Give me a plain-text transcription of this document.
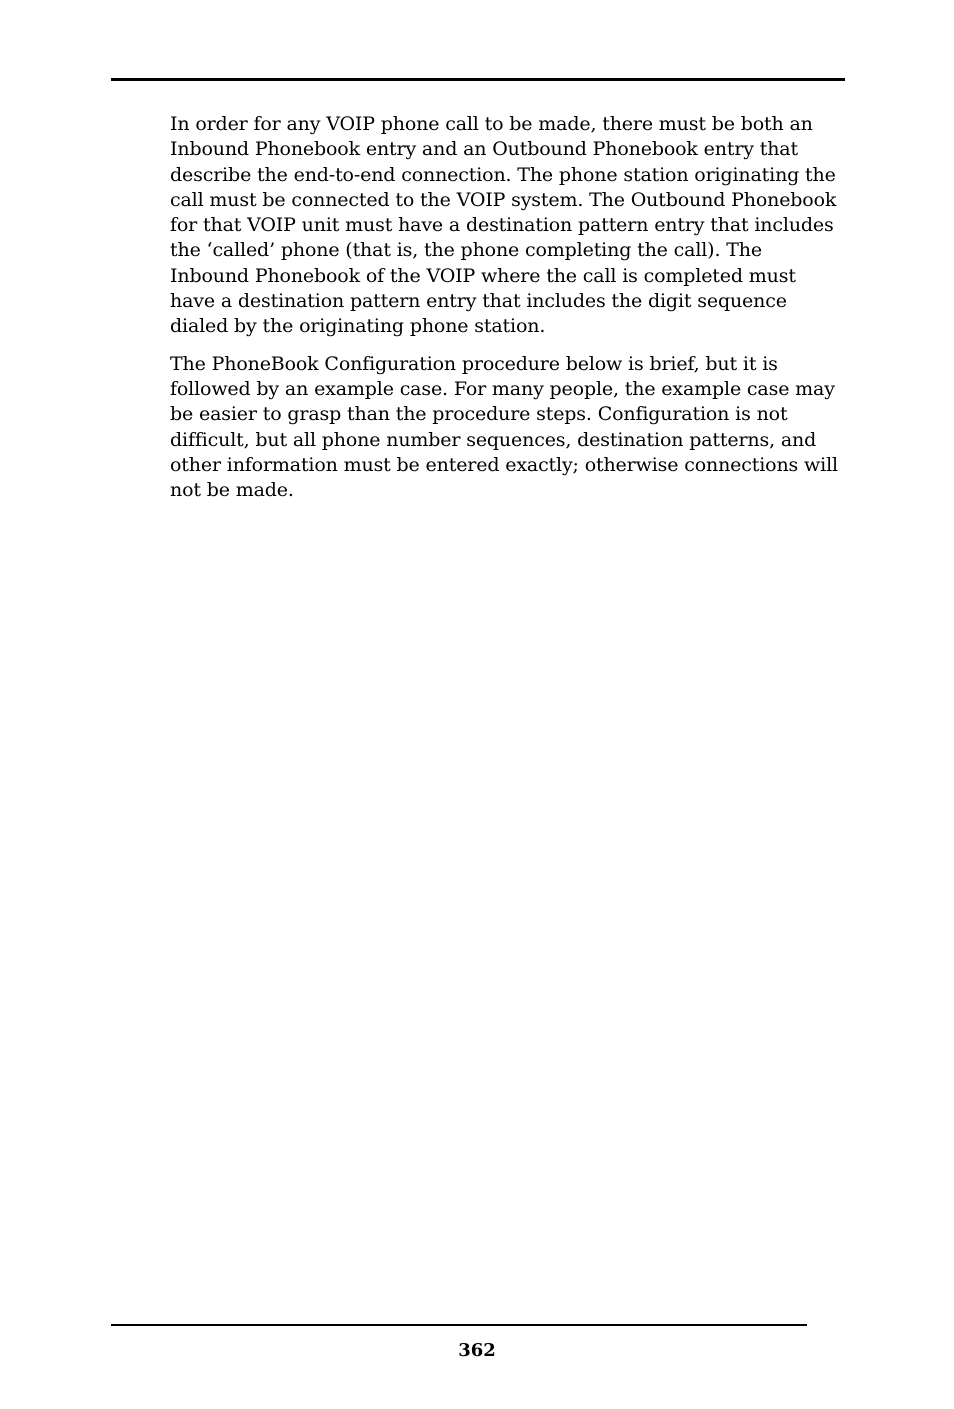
In order for any VOIP phone call to be made, there must be both an Inbound Phonebook entry and an Outbound Phonebook entry that describe the end-to-end connection. The phone station originating the call must be connected to the VOIP system. The Outbound Phonebook for that VOIP unit must have a destination pattern entry that includes the ‘called’ phone (that is, the phone completing the call). The Inbound Phonebook of the VOIP where the call is completed must have a destination pattern entry that includes the digit sequence dialed by the originating phone station.

The PhoneBook Configuration procedure below is brief, but it is followed by an example case. For many people, the example case may be easier to grasp than the procedure steps. Configuration is not difficult, but all phone number sequences, destination patterns, and other information must be entered exactly; otherwise connections will not be made.

362
